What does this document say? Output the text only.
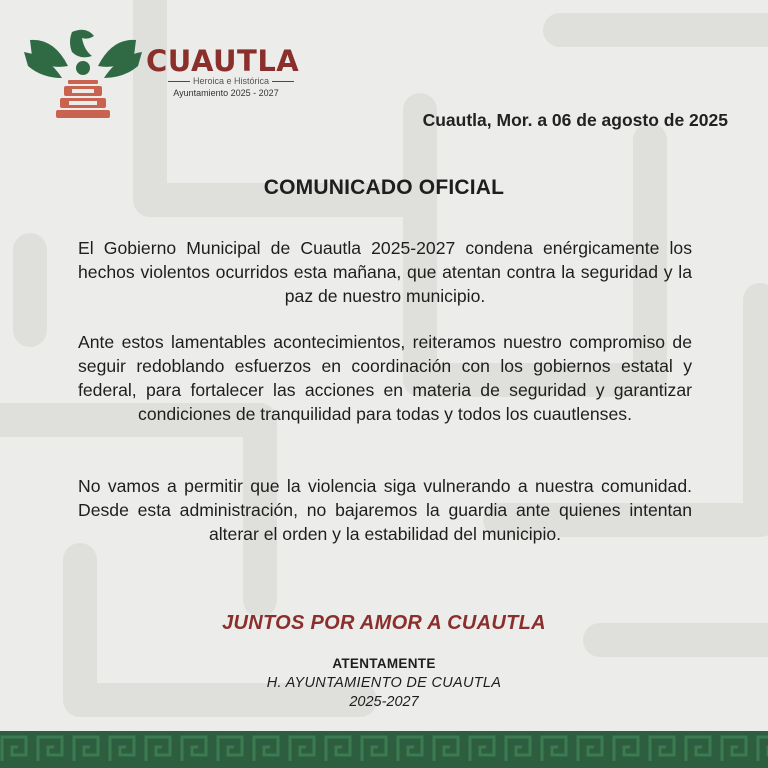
CUAUTLA
Heroica e Histórica
Ayuntamiento 2025 - 2027
Cuautla, Mor. a 06 de agosto de 2025
COMUNICADO OFICIAL
El Gobierno Municipal de Cuautla 2025-2027 condena enérgicamente los hechos violentos ocurridos esta mañana, que atentan contra la seguridad y la paz de nuestro municipio.
Ante estos lamentables acontecimientos, reiteramos nuestro compromiso de seguir redoblando esfuerzos en coordinación con los gobiernos estatal y federal, para fortalecer las acciones en materia de seguridad y garantizar condiciones de tranquilidad para todas y todos los cuautlenses.
No vamos a permitir que la violencia siga vulnerando a nuestra comunidad. Desde esta administración, no bajaremos la guardia ante quienes intentan alterar el orden y la estabilidad del municipio.
JUNTOS POR AMOR A CUAUTLA
ATENTAMENTE
H. AYUNTAMIENTO DE CUAUTLA
2025-2027
